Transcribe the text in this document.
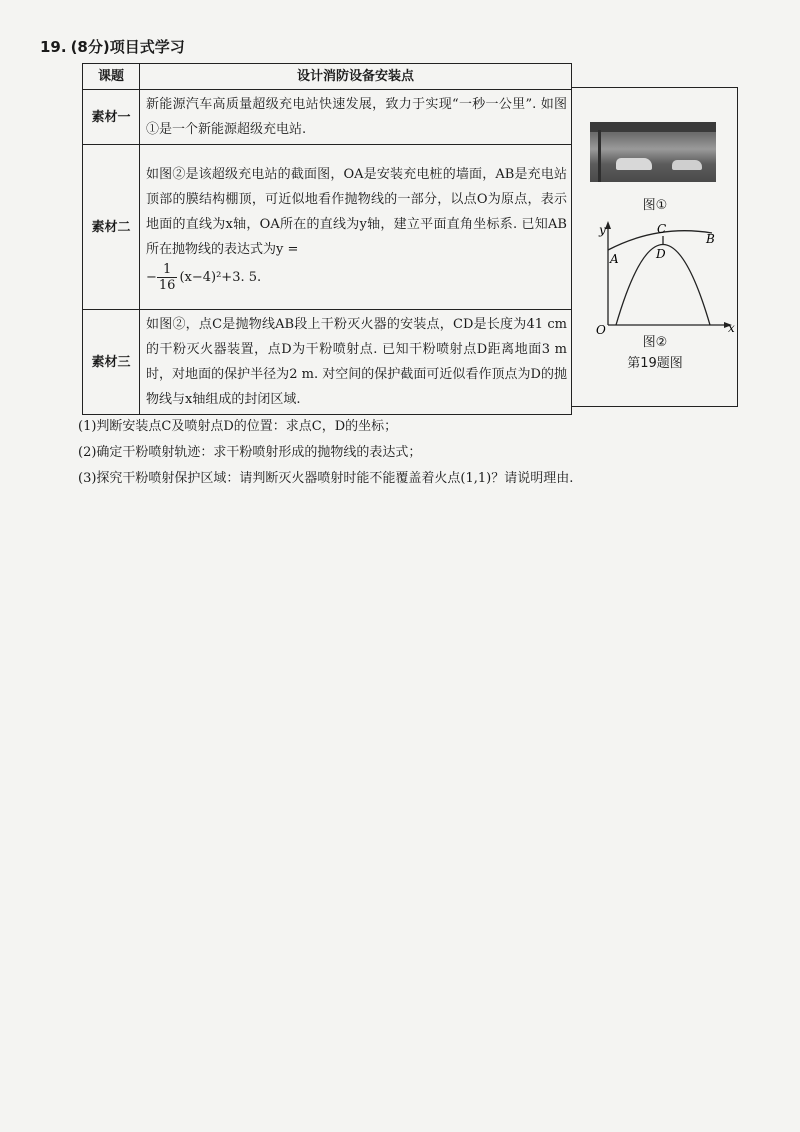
19. (8分)项目式学习
课题	设计消防设备安装点
素材一	新能源汽车高质量超级充电站快速发展，致力于实现“一秒一公里”. 如图①是一个新能源超级充电站.
素材二	如图②是该超级充电站的截面图，OA是安装充电桩的墙面，AB是充电站顶部的膜结构棚顶，可近似地看作抛物线的一部分，以点O为原点，表示地面的直线为x轴，OA所在的直线为y轴，建立平面直角坐标系. 已知AB所在抛物线的表达式为y =
− $\frac{1}{16} (x-4)^2+3$. 5.
素材三	如图②，点C是抛物线AB段上干粉灭火器的安装点，CD是长度为41 cm的干粉灭火器装置，点D为干粉喷射点. 已知干粉喷射点D距离地面3 m时，对地面的保护半径为2 m. 对空间的保护截面可近似看作顶点为D的抛物线与x轴组成的封闭区域.
图①
y
x
O
A
B
C
D
图②
第19题图
(1)判断安装点C及喷射点D的位置：求点C，D的坐标；
(2)确定干粉喷射轨迹：求干粉喷射形成的抛物线的表达式；
(3)探究干粉喷射保护区域：请判断灭火器喷射时能不能覆盖着火点(1,1)？请说明理由.
